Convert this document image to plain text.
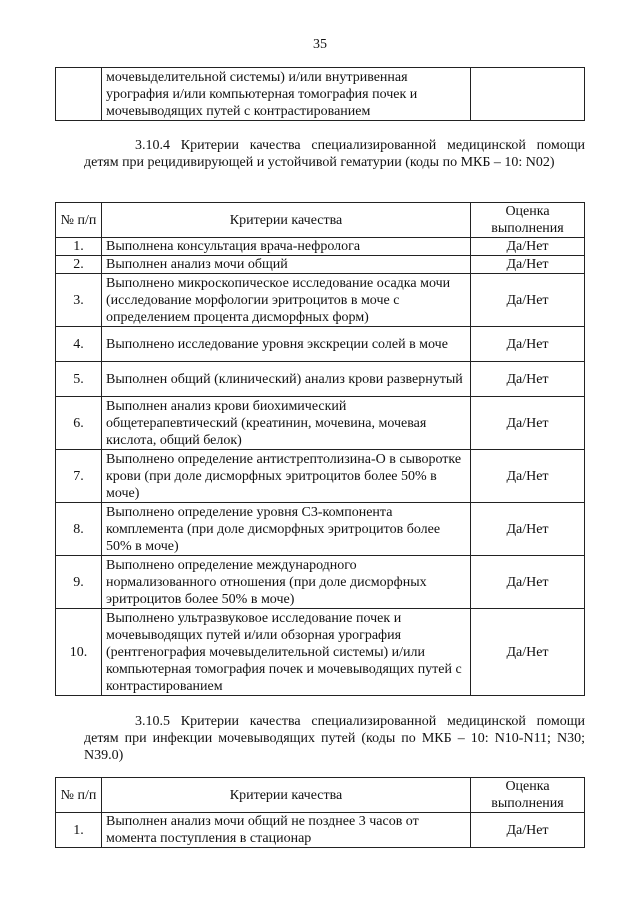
35
	мочевыделительной системы) и/или внутривенная урография и/или компьютерная томография почек и мочевыводящих путей с контрастированием	
3.10.4 Критерии качества специализированной медицинской помощи детям при рецидивирующей и устойчивой гематурии (коды по МКБ – 10: N02)
№ п/п	Критерии качества	Оценка выполнения
1.	Выполнена консультация врача-нефролога	Да/Нет
2.	Выполнен анализ мочи общий	Да/Нет
3.	Выполнено микроскопическое исследование осадка мочи (исследование морфологии эритроцитов в моче с определением процента дисморфных форм)	Да/Нет
4.	Выполнено исследование уровня экскреции солей в моче	Да/Нет
5.	Выполнен общий (клинический) анализ крови развернутый	Да/Нет
6.	Выполнен анализ крови биохимический общетерапевтический (креатинин, мочевина, мочевая кислота, общий белок)	Да/Нет
7.	Выполнено определение антистрептолизина-О в сыворотке крови (при доле дисморфных эритроцитов более 50% в моче)	Да/Нет
8.	Выполнено определение уровня С3-компонента комплемента (при доле дисморфных эритроцитов более 50% в моче)	Да/Нет
9.	Выполнено определение международного нормализованного отношения (при доле дисморфных эритроцитов более 50% в моче)	Да/Нет
10.	Выполнено ультразвуковое исследование почек и мочевыводящих путей и/или обзорная урография (рентгенография мочевыделительной системы) и/или компьютерная томография почек и мочевыводящих путей с контрастированием	Да/Нет
3.10.5 Критерии качества специализированной медицинской помощи детям при инфекции мочевыводящих путей (коды по МКБ – 10: N10-N11; N30; N39.0)
№ п/п	Критерии качества	Оценка выполнения
1.	Выполнен анализ мочи общий не позднее 3 часов от момента поступления в стационар	Да/Нет
